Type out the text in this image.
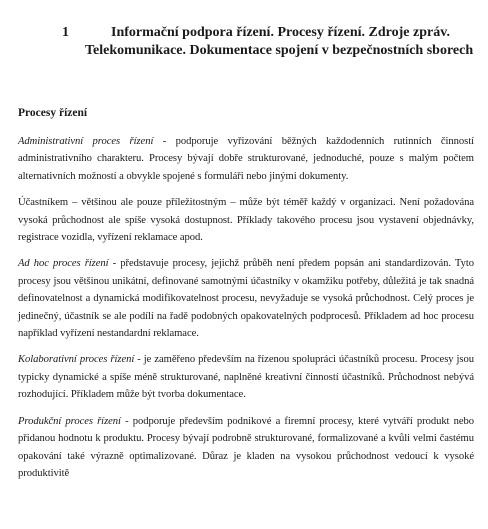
1	Informační podpora řízení. Procesy řízení. Zdroje zpráv.
Telekomunikace. Dokumentace spojení v bezpečnostních sborech
Procesy řízení

Administrativní proces řízení - podporuje vyřizování běžných každodenních rutinních činností administrativního charakteru. Procesy bývají dobře strukturované, jednoduché, pouze s malým počtem alternativních možností a obvykle spojené s formuláři nebo jinými dokumenty.

Účastníkem – většinou ale pouze příležitostným – může být téměř každý v organizaci. Není požadována vysoká průchodnost ale spíše vysoká dostupnost. Příklady takového procesu jsou vystavení objednávky, registrace vozidla, vyřízení reklamace apod.

Ad hoc proces řízení - představuje procesy, jejichž průběh není předem popsán ani standardizován. Tyto procesy jsou většinou unikátní, definované samotnými účastníky v okamžiku potřeby, důležitá je tak snadná definovatelnost a dynamická modifikovatelnost procesu, nevyžaduje se vysoká průchodnost. Celý proces je jedinečný, účastník se ale podílí na řadě podobných opakovatelných podprocesů. Příkladem ad hoc procesu například vyřízení nestandardní reklamace.

Kolaborativní proces řízení - je zaměřeno především na řízenou spolupráci účastníků procesu. Procesy jsou typicky dynamické a spíše méně strukturované, naplněné kreativní činností účastníků. Průchodnost nebývá rozhodující. Příkladem může být tvorba dokumentace.

Produkční proces řízení - podporuje především podnikové a firemní procesy, které vytváří produkt nebo přidanou hodnotu k produktu. Procesy bývají podrobně strukturované, formalizované a kvůli velmi častému opakování také výrazně optimalizované. Důraz je kladen na vysokou průchodnost vedoucí k vysoké produktivitě
